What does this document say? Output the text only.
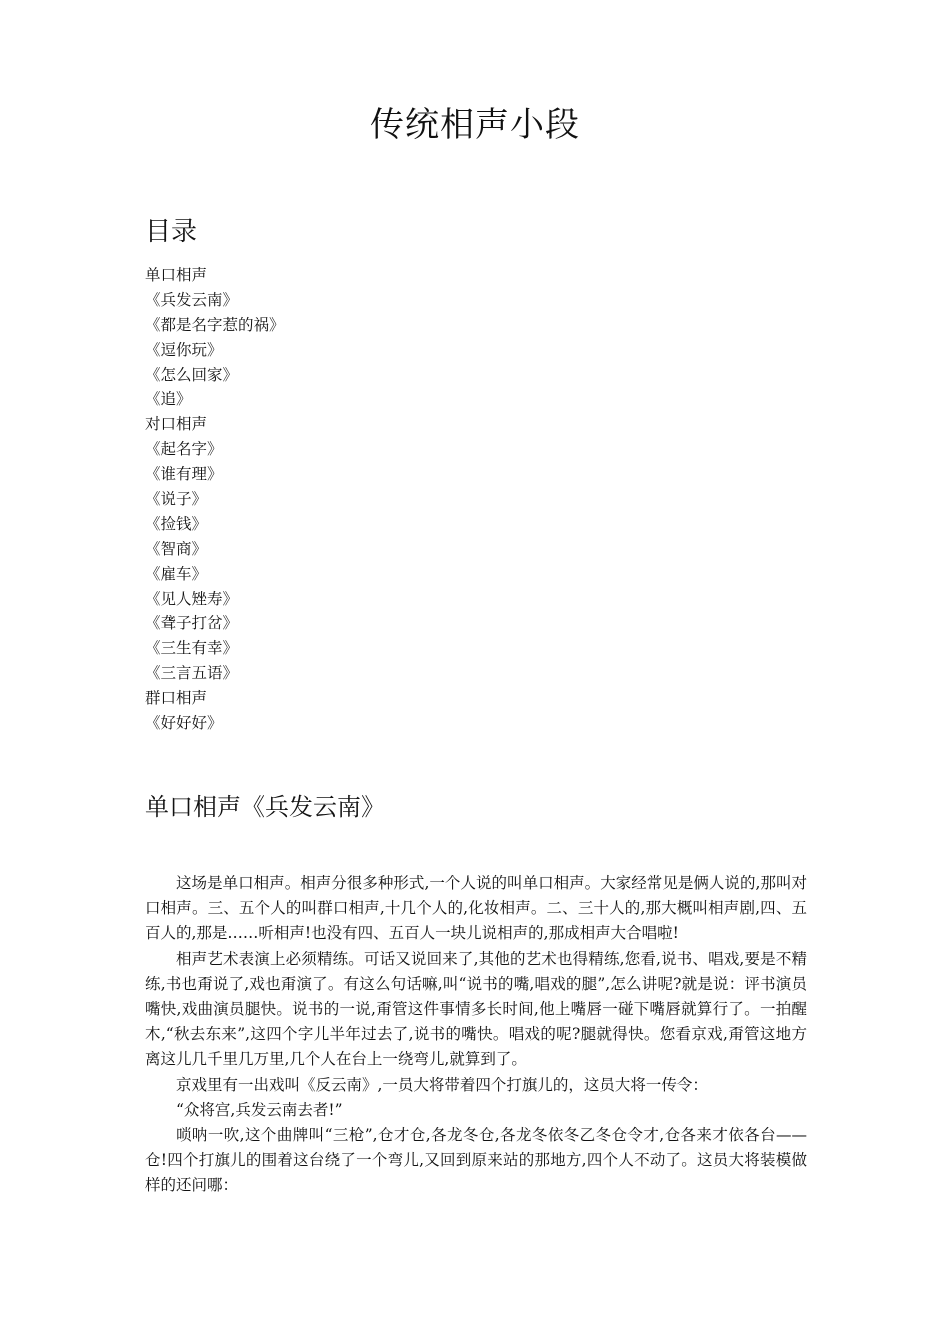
传统相声小段
目录
单口相声
《兵发云南》
《都是名字惹的祸》
《逗你玩》
《怎么回家》
《追》
对口相声
《起名字》
《谁有理》
《说子》
《捡钱》
《智商》
《雇车》
《见人矬寿》
《聋子打岔》
《三生有幸》
《三言五语》
群口相声
《好好好》
单口相声《兵发云南》

这场是单口相声。相声分很多种形式,一个人说的叫单口相声。大家经常见是俩人说的,那叫对口相声。三、五个人的叫群口相声,十几个人的,化妆相声。二、三十人的,那大概叫相声剧,四、五百人的,那是……听相声!也没有四、五百人一块儿说相声的,那成相声大合唱啦!

相声艺术表演上必须精练。可话又说回来了,其他的艺术也得精练,您看,说书、唱戏,要是不精练,书也甭说了,戏也甭演了。有这么句话嘛,叫“说书的嘴,唱戏的腿”,怎么讲呢?就是说：评书演员嘴快,戏曲演员腿快。说书的一说,甭管这件事情多长时间,他上嘴唇一碰下嘴唇就算行了。一拍醒木,“秋去东来”,这四个字儿半年过去了,说书的嘴快。唱戏的呢?腿就得快。您看京戏,甭管这地方离这儿几千里几万里,几个人在台上一绕弯儿,就算到了。

京戏里有一出戏叫《反云南》,一员大将带着四个打旗儿的，这员大将一传令：

“众将宫,兵发云南去者!”

唢呐一吹,这个曲牌叫“三枪”,仓才仓,各龙冬仓,各龙冬依冬乙冬仓令才,仓各来才依各台——仓!四个打旗儿的围着这台绕了一个弯儿,又回到原来站的那地方,四个人不动了。这员大将装模做样的还问哪：
